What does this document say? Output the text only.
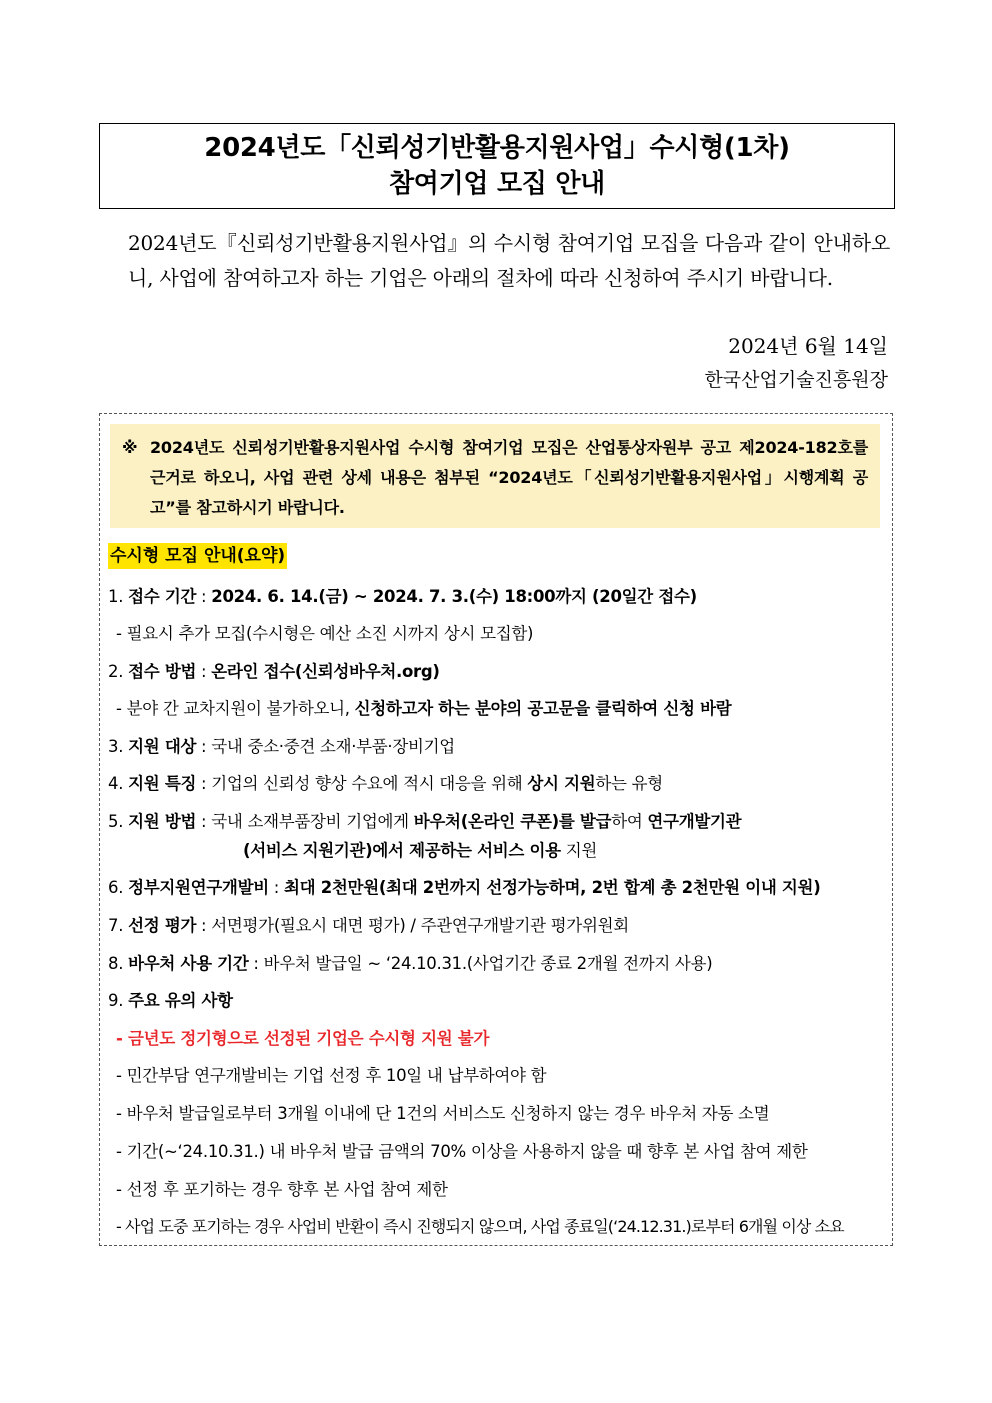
2024년도「신뢰성기반활용지원사업」수시형(1차)
참여기업 모집 안내
2024년도『신뢰성기반활용지원사업』의 수시형 참여기업 모집을 다음과 같이 안내하오니, 사업에 참여하고자 하는 기업은 아래의 절차에 따라 신청하여 주시기 바랍니다.
2024년 6월 14일
한국산업기술진흥원장
※ 2024년도 신뢰성기반활용지원사업 수시형 참여기업 모집은 산업통상자원부 공고 제2024-182호를 근거로 하오니, 사업 관련 상세 내용은 첨부된 “2024년도「신뢰성기반활용지원사업」시행계획 공고”를 참고하시기 바랍니다.
수시형 모집 안내(요약)
1. 접수 기간 : 2024. 6. 14.(금) ~ 2024. 7. 3.(수) 18:00까지 (20일간 접수)
- 필요시 추가 모집(수시형은 예산 소진 시까지 상시 모집함)
2. 접수 방법 : 온라인 접수(신뢰성바우처.org)
- 분야 간 교차지원이 불가하오니, 신청하고자 하는 분야의 공고문을 클릭하여 신청 바람
3. 지원 대상 : 국내 중소·중견 소재·부품·장비기업
4. 지원 특징 : 기업의 신뢰성 향상 수요에 적시 대응을 위해 상시 지원하는 유형
5. 지원 방법 : 국내 소재부품장비 기업에게 바우처(온라인 쿠폰)를 발급하여 연구개발기관
(서비스 지원기관)에서 제공하는 서비스 이용 지원
6. 정부지원연구개발비 : 최대 2천만원(최대 2번까지 선정가능하며, 2번 합계 총 2천만원 이내 지원)
7. 선정 평가 : 서면평가(필요시 대면 평가) / 주관연구개발기관 평가위원회
8. 바우처 사용 기간 : 바우처 발급일 ~ ‘24.10.31.(사업기간 종료 2개월 전까지 사용)
9. 주요 유의 사항
- 금년도 정기형으로 선정된 기업은 수시형 지원 불가
- 민간부담 연구개발비는 기업 선정 후 10일 내 납부하여야 함
- 바우처 발급일로부터 3개월 이내에 단 1건의 서비스도 신청하지 않는 경우 바우처 자동 소멸
- 기간(~‘24.10.31.) 내 바우처 발급 금액의 70% 이상을 사용하지 않을 때 향후 본 사업 참여 제한
- 선정 후 포기하는 경우 향후 본 사업 참여 제한
- 사업 도중 포기하는 경우 사업비 반환이 즉시 진행되지 않으며, 사업 종료일(‘24.12.31.)로부터 6개월 이상 소요
